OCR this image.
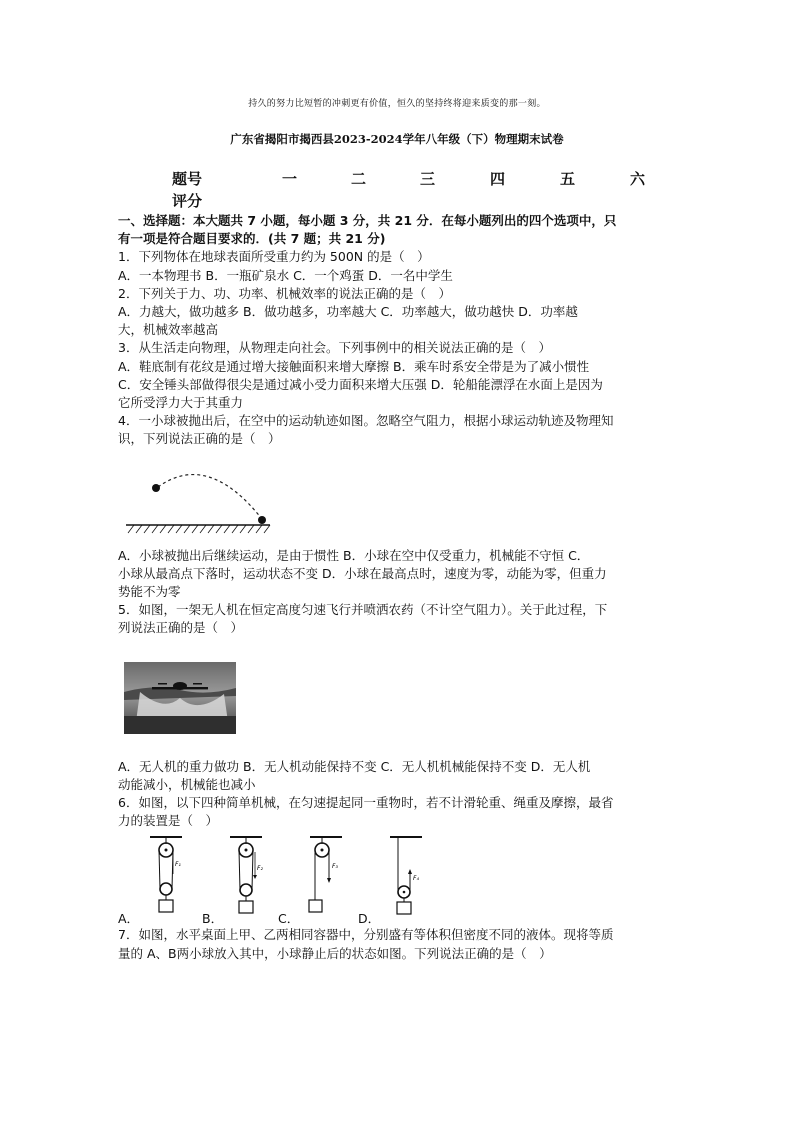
持久的努力比短暂的冲刺更有价值，恒久的坚持终将迎来质变的那一刻。
广东省揭阳市揭西县2023-2024学年八年级（下）物理期末试卷
题号	一	二	三	四	五	六
评分

一、选择题：本大题共 7 小题，每小题 3 分，共 21 分．在每小题列出的四个选项中，只

有一项是符合题目要求的．(共 7 题；共 21 分)

1．下列物体在地球表面所受重力约为 500N 的是（　）

A．一本物理书 B．一瓶矿泉水 C．一个鸡蛋 D．一名中学生

2．下列关于力、功、功率、机械效率的说法正确的是（　）

A．力越大，做功越多 B．做功越多，功率越大 C．功率越大，做功越快 D．功率越

大，机械效率越高

3．从生活走向物理，从物理走向社会。下列事例中的相关说法正确的是（　）

A．鞋底制有花纹是通过增大接触面积来增大摩擦 B．乘车时系安全带是为了减小惯性

C．安全锤头部做得很尖是通过减小受力面积来增大压强 D．轮船能漂浮在水面上是因为

它所受浮力大于其重力

4．一小球被抛出后，在空中的运动轨迹如图。忽略空气阻力，根据小球运动轨迹及物理知

识，下列说法正确的是（　）

A．小球被抛出后继续运动，是由于惯性 B．小球在空中仅受重力，机械能不守恒 C．

小球从最高点下落时，运动状态不变 D．小球在最高点时，速度为零，动能为零，但重力

势能不为零

5．如图，一架无人机在恒定高度匀速飞行并喷洒农药（不计空气阻力）。关于此过程，下

列说法正确的是（　）

A．无人机的重力做功 B．无人机动能保持不变 C．无人机机械能保持不变 D．无人机

动能减小，机械能也减小

6．如图，以下四种简单机械，在匀速提起同一重物时，若不计滑轮重、绳重及摩擦，最省

力的装置是（　）

F₁
A．
F₂
B．
F₃
C．
F₄
D．

7．如图，水平桌面上甲、乙两相同容器中，分别盛有等体积但密度不同的液体。现将等质

量的 A、B两小球放入其中，小球静止后的状态如图。下列说法正确的是（　）
